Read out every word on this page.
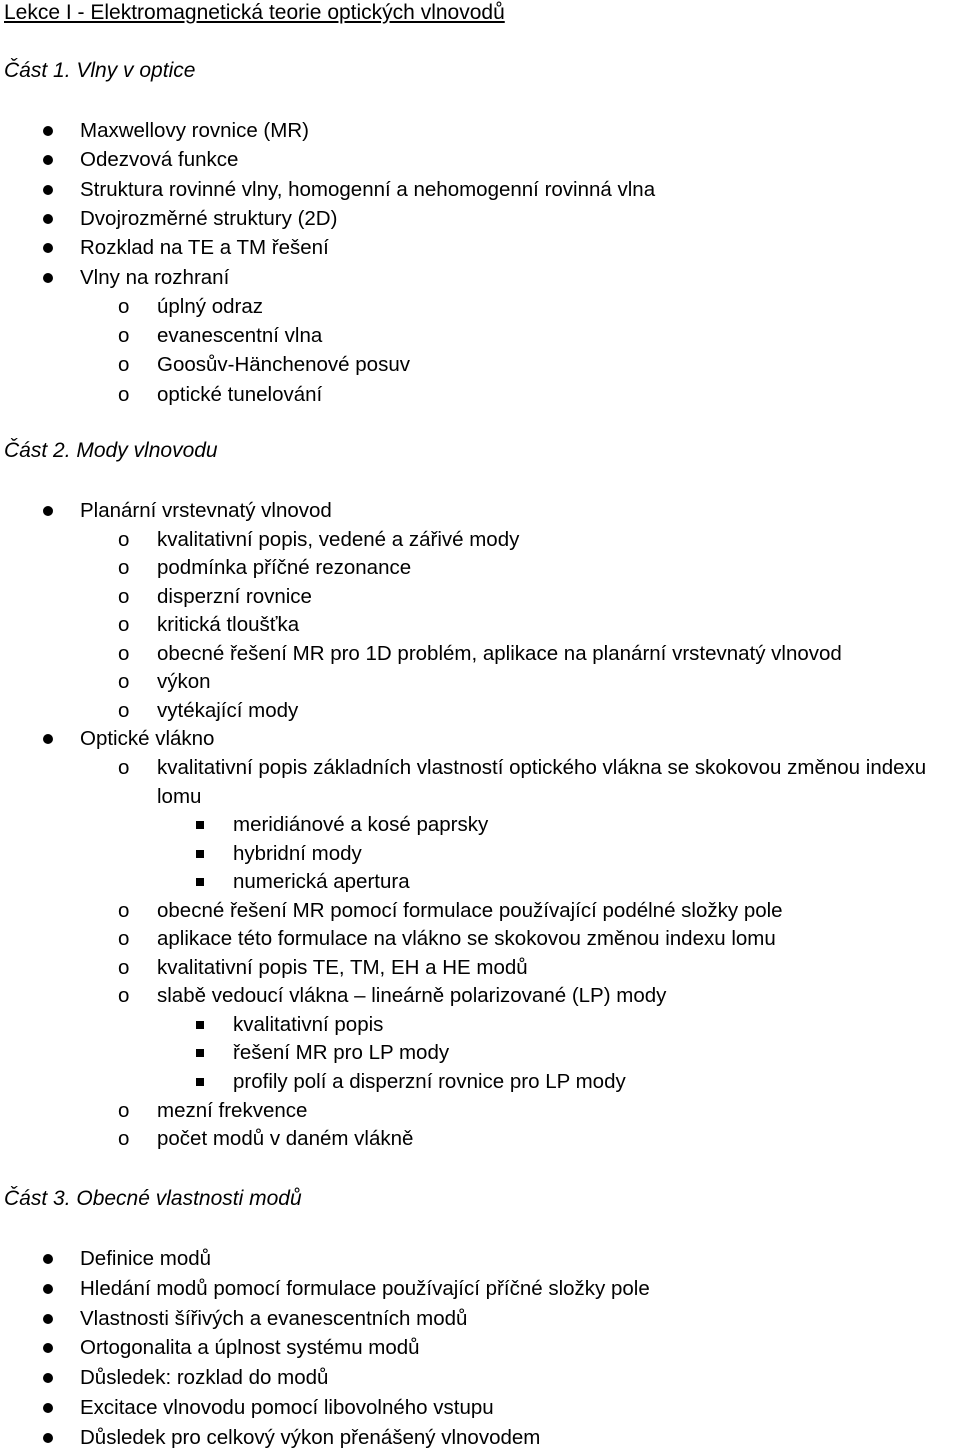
Lekce I - Elektromagnetická teorie optických vlnovodů
Část 1. Vlny v optice
Maxwellovy rovnice (MR)
Odezvová funkce
Struktura rovinné vlny, homogenní a nehomogenní rovinná vlna
Dvojrozměrné struktury (2D)
Rozklad na TE a TM řešení
Vlny na rozhraní
o úplný odraz
o evanescentní vlna
o Goosův-Hänchenové posuv
o optické tunelování
Část 2. Mody vlnovodu
Planární vrstevnatý vlnovod
o kvalitativní popis, vedené a zářivé mody
o podmínka příčné rezonance
o disperzní rovnice
o kritická tloušťka
o obecné řešení MR pro 1D problém, aplikace na planární vrstevnatý vlnovod
o výkon
o vytékající mody
Optické vlákno
o kvalitativní popis základních vlastností optického vlákna se skokovou změnou indexu
lomu
meridiánové a kosé paprsky
hybridní mody
numerická apertura
o obecné řešení MR pomocí formulace používající podélné složky pole
o aplikace této formulace na vlákno se skokovou změnou indexu lomu
o kvalitativní popis TE, TM, EH a HE modů
o slabě vedoucí vlákna – lineárně polarizované (LP) mody
kvalitativní popis
řešení MR pro LP mody
profily polí a disperzní rovnice pro LP mody
o mezní frekvence
o počet modů v daném vlákně
Část 3. Obecné vlastnosti modů
Definice modů
Hledání modů pomocí formulace používající příčné složky pole
Vlastnosti šířivých a evanescentních modů
Ortogonalita a úplnost systému modů
Důsledek: rozklad do modů
Excitace vlnovodu pomocí libovolného vstupu
Důsledek pro celkový výkon přenášený vlnovodem
